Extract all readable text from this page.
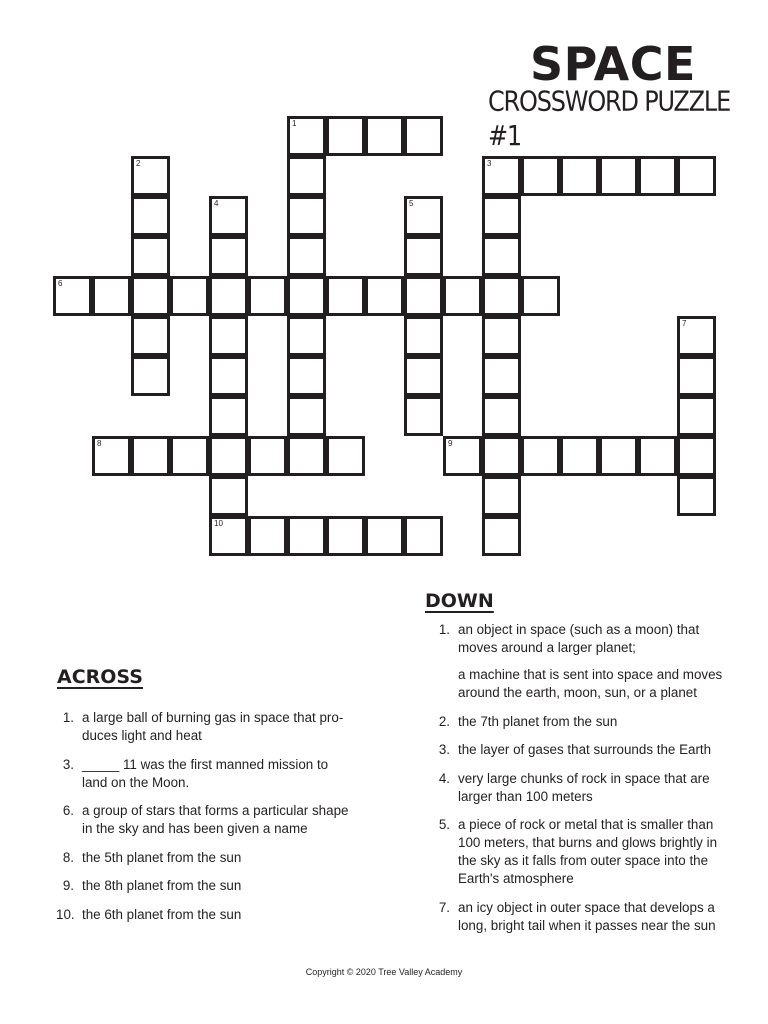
SPACE
CROSSWORD PUZZLE #1
1
2	3
4	5
6
7
8	9
10
DOWN
1. an object in space (such as a moon) that moves around a larger planet;

a machine that is sent into space and moves around the earth, moon, sun, or a planet

2. the 7th planet from the sun

3. the layer of gases that surrounds the Earth

4. very large chunks of rock in space that are larger than 100 meters

5. a piece of rock or metal that is smaller than 100 meters, that burns and glows brightly in the sky as it falls from outer space into the Earth's atmosphere

7. an icy object in outer space that develops a long, bright tail when it passes near the sun

ACROSS
1. a large ball of burning gas in space that pro-duces light and heat

3. _____ 11 was the first manned mission to land on the Moon.

6. a group of stars that forms a particular shape in the sky and has been given a name

8. the 5th planet from the sun

9. the 8th planet from the sun

10. the 6th planet from the sun

Copyright © 2020 Tree Valley Academy
